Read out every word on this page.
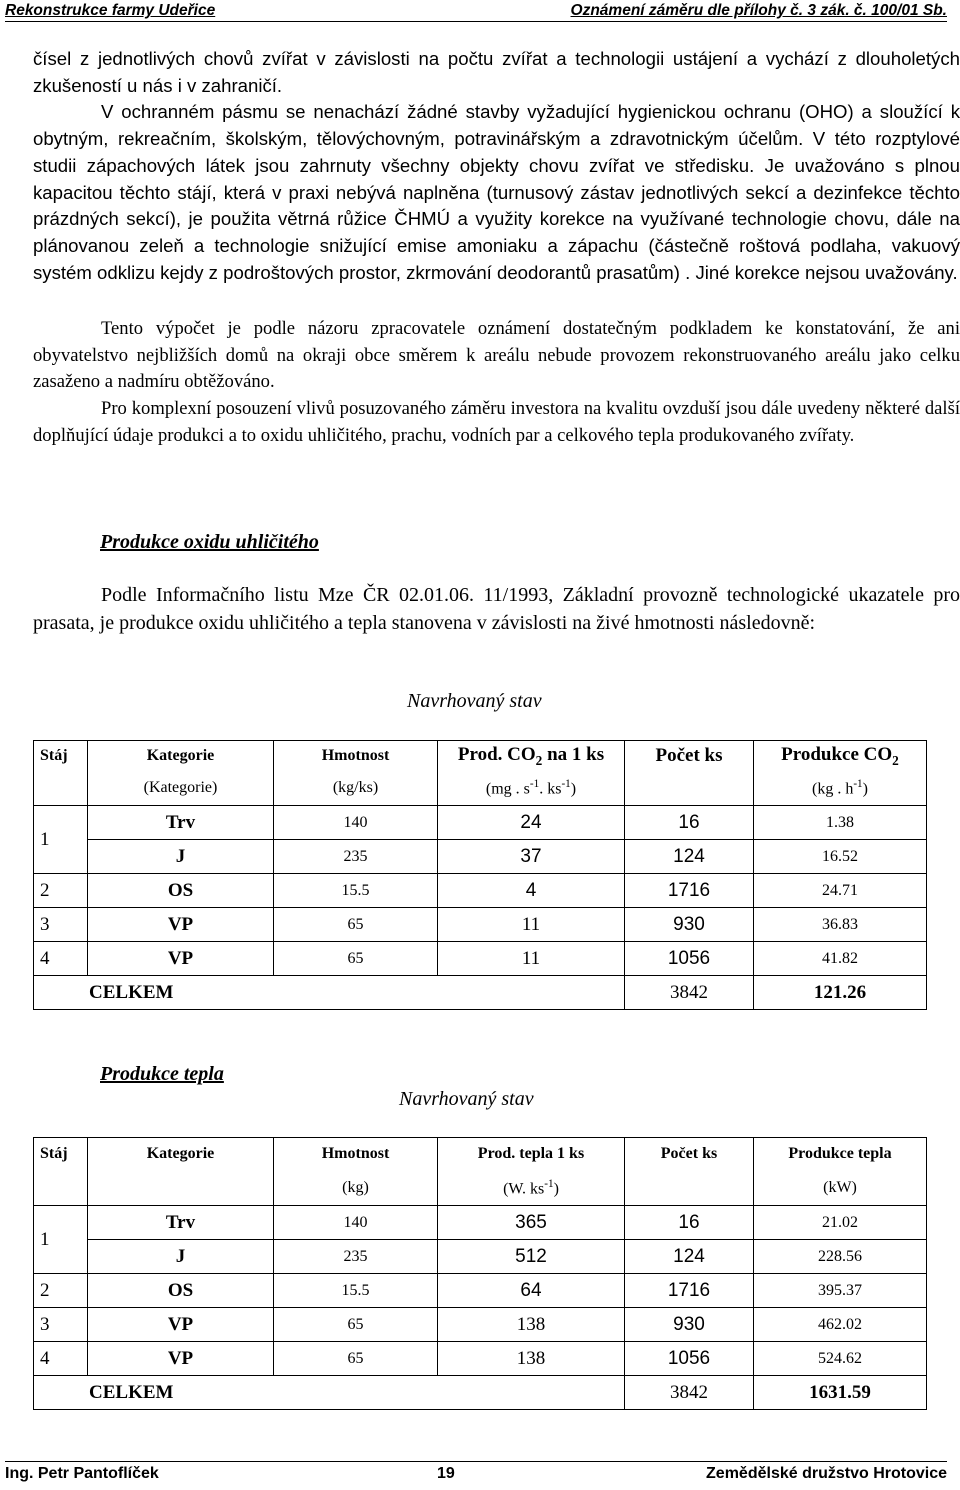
Rekonstrukce farmy Udeřice	Oznámení záměru dle přílohy č. 3 zák. č. 100/01 Sb.

čísel z jednotlivých chovů zvířat v závislosti na počtu zvířat a technologii ustájení a vychází z dlouholetých zkušeností u nás i v zahraničí.

V ochranném pásmu se nenachází žádné stavby vyžadující hygienickou ochranu (OHO) a sloužící k obytným, rekreačním, školským, tělovýchovným, potravinářským a zdravotnickým účelům. V této rozptylové studii zápachových látek jsou zahrnuty všechny objekty chovu zvířat ve středisku. Je uvažováno s plnou kapacitou těchto stájí, která v praxi nebývá naplněna (turnusový zástav jednotlivých sekcí a dezinfekce těchto prázdných sekcí), je použita větrná růžice ČHMÚ a využity korekce na využívané technologie chovu, dále na plánovanou zeleň a technologie snižující emise amoniaku a zápachu (částečně roštová podlaha, vakuový systém odklizu kejdy z podroštových prostor, zkrmování deodorantů prasatům) . Jiné korekce nejsou uvažovány.

Tento výpočet je podle názoru zpracovatele oznámení dostatečným podkladem ke konstatování, že ani obyvatelstvo nejbližších domů na okraji obce směrem k areálu nebude provozem rekonstruovaného areálu jako celku zasaženo a nadmíru obtěžováno.

Pro komplexní posouzení vlivů posuzovaného záměru investora na kvalitu ovzduší jsou dále uvedeny některé další doplňující údaje produkci a to oxidu uhličitého, prachu, vodních par a celkového tepla produkovaného zvířaty.

Produkce oxidu uhličitého

Podle Informačního listu Mze ČR 02.01.06. 11/1993, Základní provozně technologické ukazatele pro prasata, je produkce oxidu uhličitého a tepla stanovena v závislosti na živé hmotnosti následovně:

Navrhovaný stav
Stáj	Kategorie	Hmotnost	Prod. $CO_2$ na 1 ks	Počet ks	Produkce $CO_2$
	(Kategorie)	(kg/ks)	(mg . $s^{-1}$. $ks^{-1}$)		(kg . $h^{-1}$)
1	Trv	140	24	16	1.38
	J	235	37	124	16.52
2	OS	15.5	4	1716	24.71
3	VP	65	11	930	36.83
4	VP	65	11	1056	41.82
CELKEM				3842	121.26
Produkce tepla
Navrhovaný stav
Stáj	Kategorie	Hmotnost	Prod. tepla 1 ks	Počet ks	Produkce tepla
		(kg)	(W. $ks^{-1}$)		(kW)
1	Trv	140	365	16	21.02
	J	235	512	124	228.56
2	OS	15.5	64	1716	395.37
3	VP	65	138	930	462.02
4	VP	65	138	1056	524.62
CELKEM				3842	1631.59
Ing. Petr Pantoflíček	19	Zemědělské družstvo Hrotovice
